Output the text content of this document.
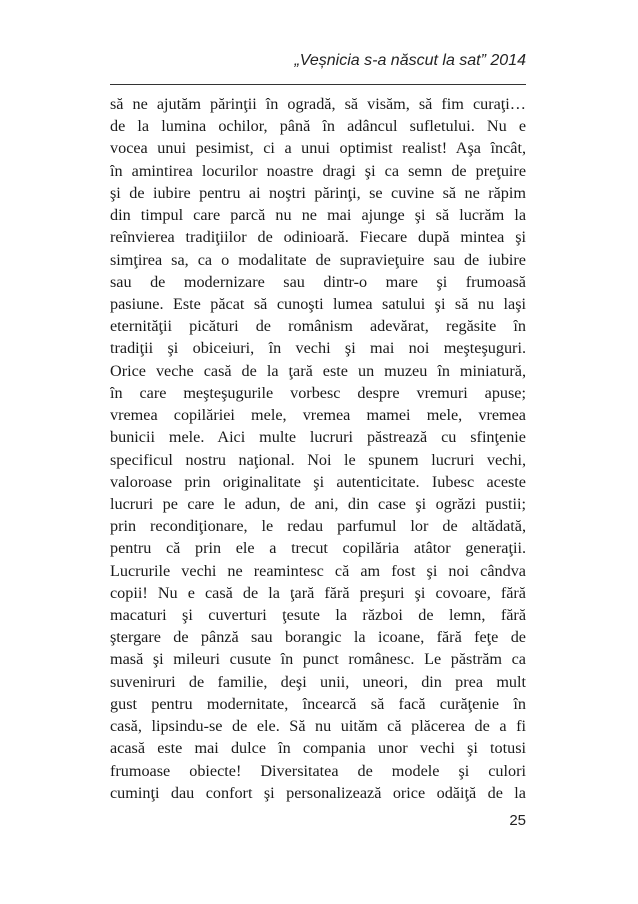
„Veșnicia s-a născut la sat” 2014
să ne ajutăm părinţii în ogradă, să visăm, să fim curaţi…
de la lumina ochilor, până în adâncul sufletului. Nu e
vocea unui pesimist, ci a unui optimist realist! Aşa încât,
în amintirea locurilor noastre dragi şi ca semn de preţuire
şi de iubire pentru ai noştri părinţi, se cuvine să ne răpim
din timpul care parcă nu ne mai ajunge şi să lucrăm la
reînvierea tradiţiilor de odinioară. Fiecare după mintea şi
simţirea sa, ca o modalitate de supravieţuire sau de iubire
sau de modernizare sau dintr-o mare şi frumoasă
pasiune. Este păcat să cunoşti lumea satului şi să nu laşi
eternităţii picături de românism adevărat, regăsite în
tradiţii şi obiceiuri, în vechi şi mai noi meşteşuguri.
Orice veche casă de la ţară este un muzeu în miniatură,
în care meşteşugurile vorbesc despre vremuri apuse;
vremea copilăriei mele, vremea mamei mele, vremea
bunicii mele. Aici multe lucruri păstrează cu sfinţenie
specificul nostru naţional. Noi le spunem lucruri vechi,
valoroase prin originalitate şi autenticitate. Iubesc aceste
lucruri pe care le adun, de ani, din case şi ogrăzi pustii;
prin recondiţionare, le redau parfumul lor de altădată,
pentru că prin ele a trecut copilăria atâtor generaţii.
Lucrurile vechi ne reamintesc că am fost şi noi cândva
copii! Nu e casă de la ţară fără preşuri şi covoare, fără
macaturi şi cuverturi ţesute la război de lemn, fără
ştergare de pânză sau borangic la icoane, fără feţe de
masă şi mileuri cusute în punct românesc. Le păstrăm ca
suveniruri de familie, deşi unii, uneori, din prea mult
gust pentru modernitate, încearcă să facă curăţenie în
casă, lipsindu-se de ele. Să nu uităm că plăcerea de a fi
acasă este mai dulce în compania unor vechi şi totusi
frumoase obiecte! Diversitatea de modele şi culori
cuminţi dau confort şi personalizează orice odăiţă de la
25
